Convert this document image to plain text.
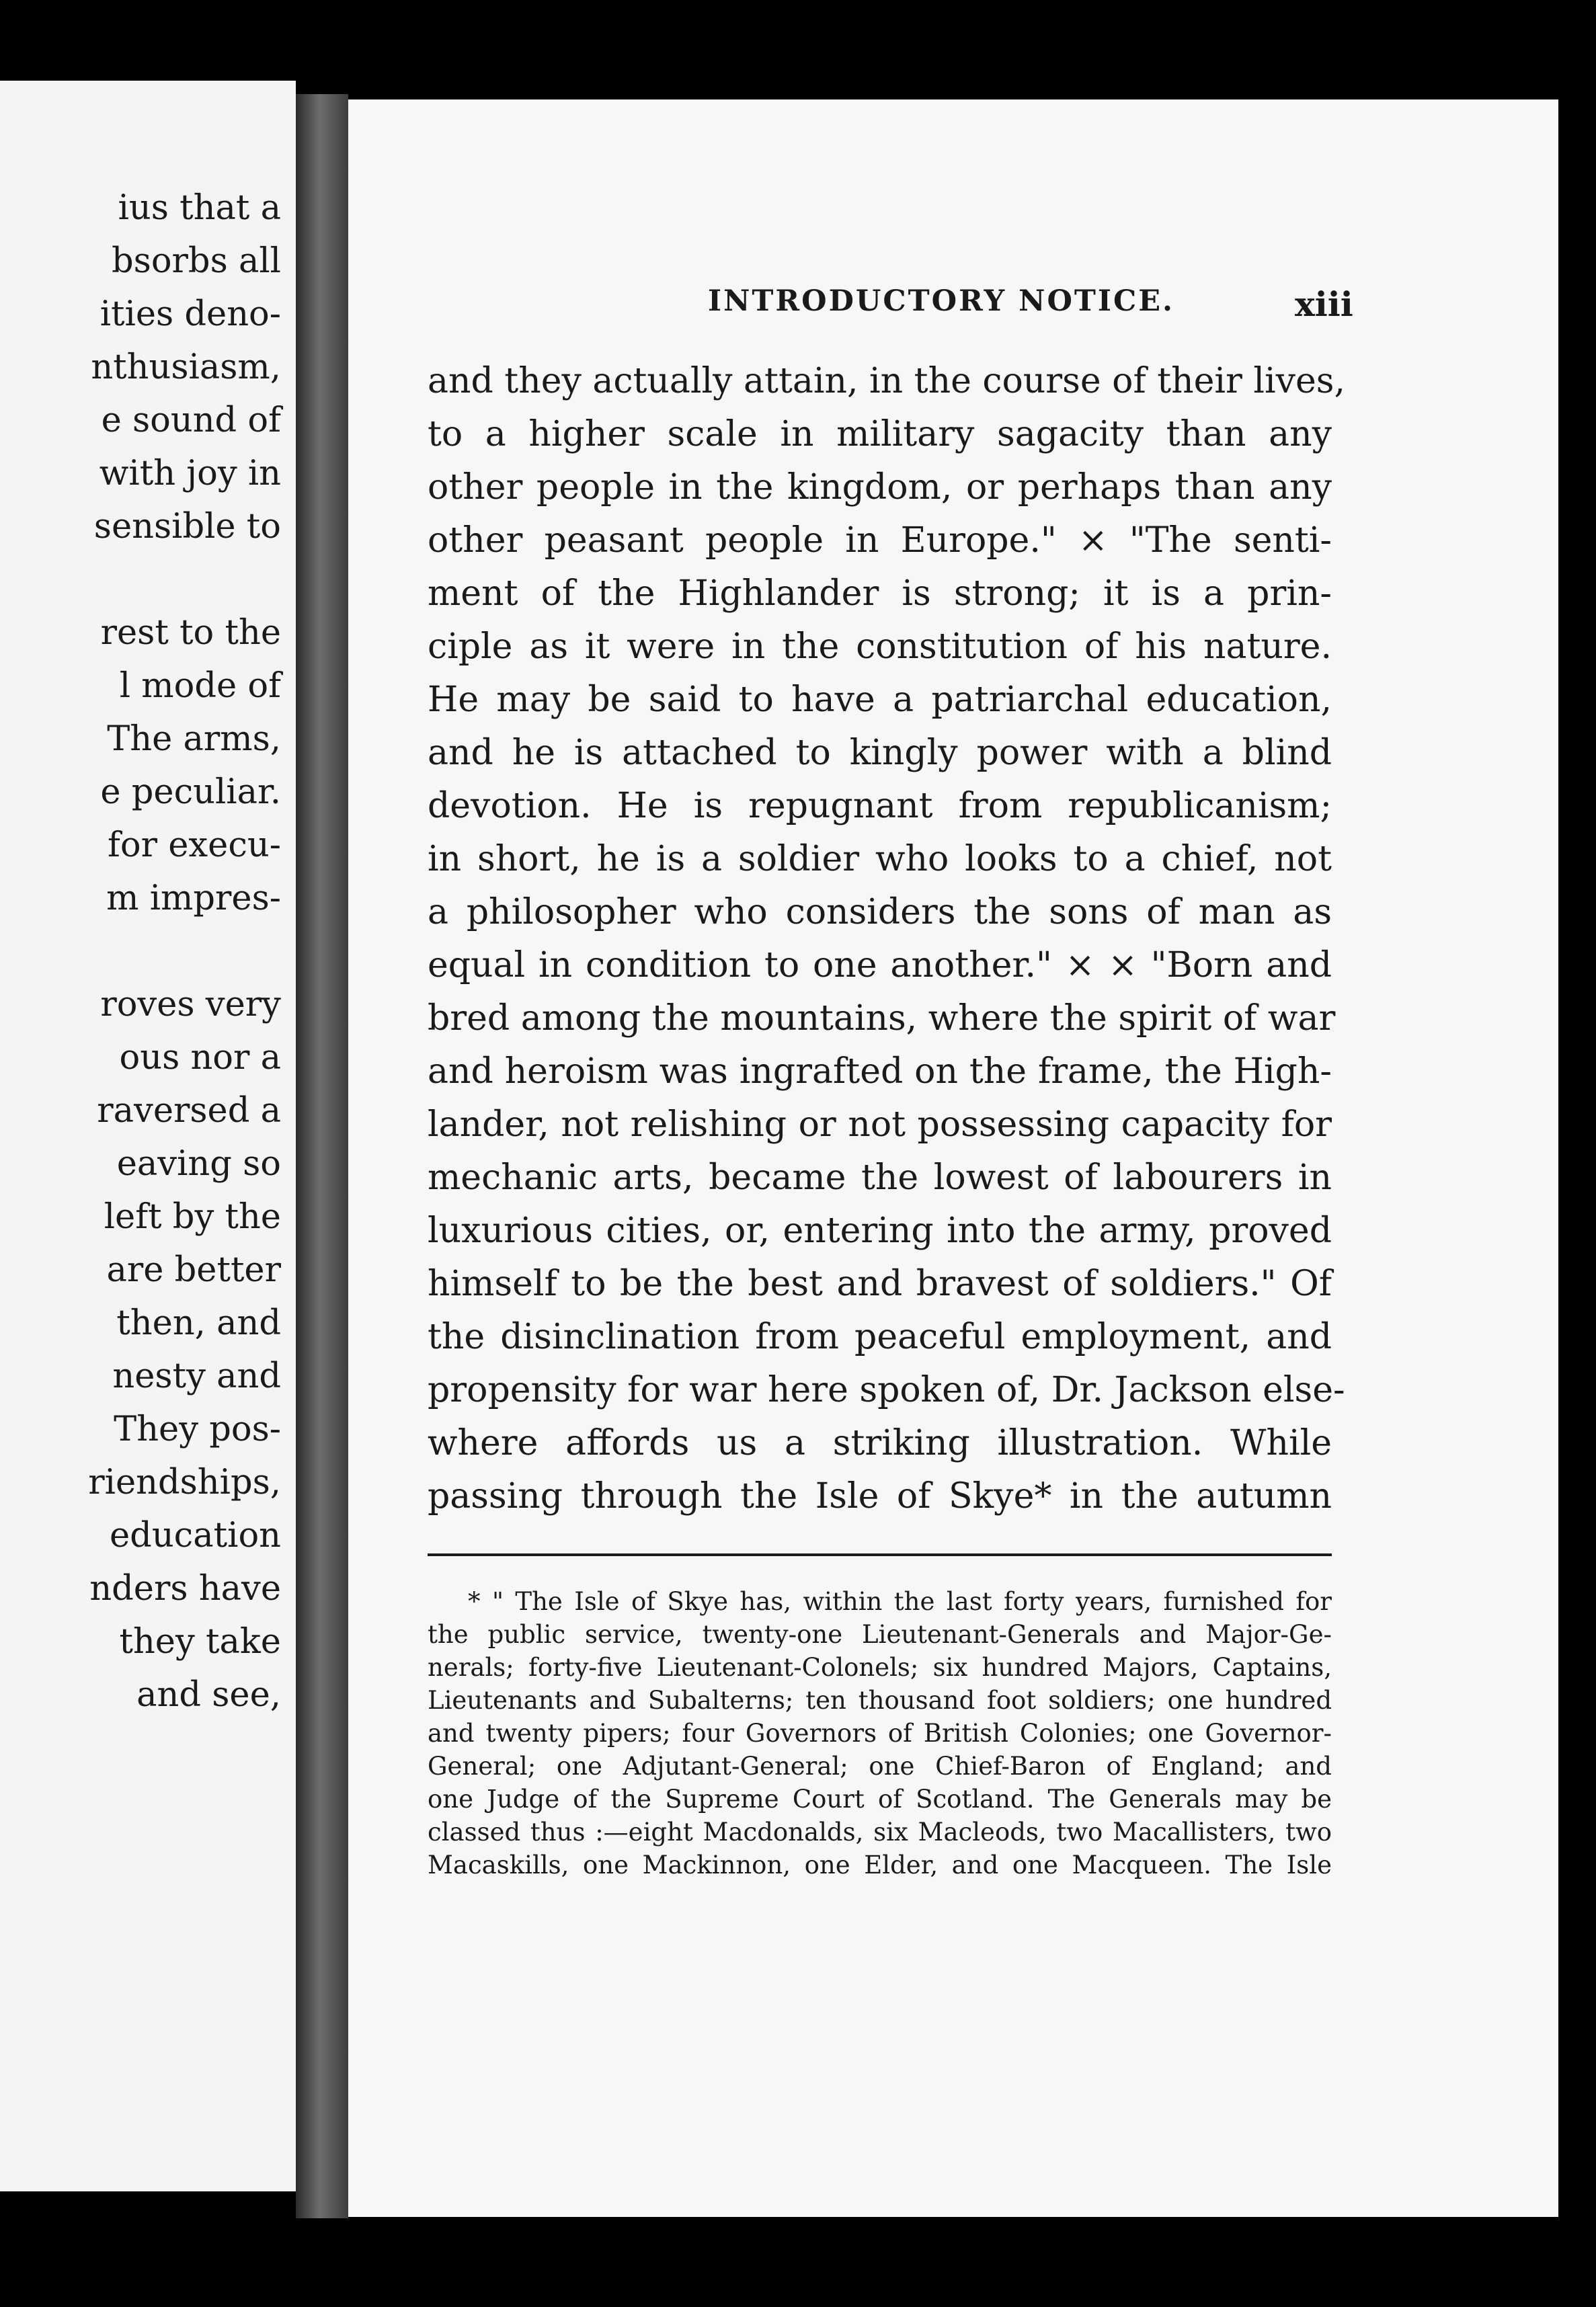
ius that a
bsorbs all
ities deno-
nthusiasm,
e sound of
with joy in
sensible to
rest to the
l mode of
The arms,
e peculiar.
for execu-
m impres-
roves very
ous nor a
raversed a
eaving so
left by the
are better
then, and
nesty and
They pos-
riendships,
education
nders have
they take
and see,
INTRODUCTORY NOTICE.	xiii
and they actually attain, in the course of their lives,
to a higher scale in military sagacity than any
other people in the kingdom, or perhaps than any
other peasant people in Europe." × "The senti-
ment of the Highlander is strong; it is a prin-
ciple as it were in the constitution of his nature.
He may be said to have a patriarchal education,
and he is attached to kingly power with a blind
devotion. He is repugnant from republicanism;
in short, he is a soldier who looks to a chief, not
a philosopher who considers the sons of man as
equal in condition to one another." × × "Born and
bred among the mountains, where the spirit of war
and heroism was ingrafted on the frame, the High-
lander, not relishing or not possessing capacity for
mechanic arts, became the lowest of labourers in
luxurious cities, or, entering into the army, proved
himself to be the best and bravest of soldiers." Of
the disinclination from peaceful employment, and
propensity for war here spoken of, Dr. Jackson else-
where affords us a striking illustration. While
passing through the Isle of Skye* in the autumn
* " The Isle of Skye has, within the last forty years, furnished for
the public service, twenty-one Lieutenant-Generals and Major-Ge-
nerals; forty-five Lieutenant-Colonels; six hundred Majors, Captains,
Lieutenants and Subalterns; ten thousand foot soldiers; one hundred
and twenty pipers; four Governors of British Colonies; one Governor-
General; one Adjutant-General; one Chief-Baron of England; and
one Judge of the Supreme Court of Scotland. The Generals may be
classed thus :—eight Macdonalds, six Macleods, two Macallisters, two
Macaskills, one Mackinnon, one Elder, and one Macqueen. The Isle
